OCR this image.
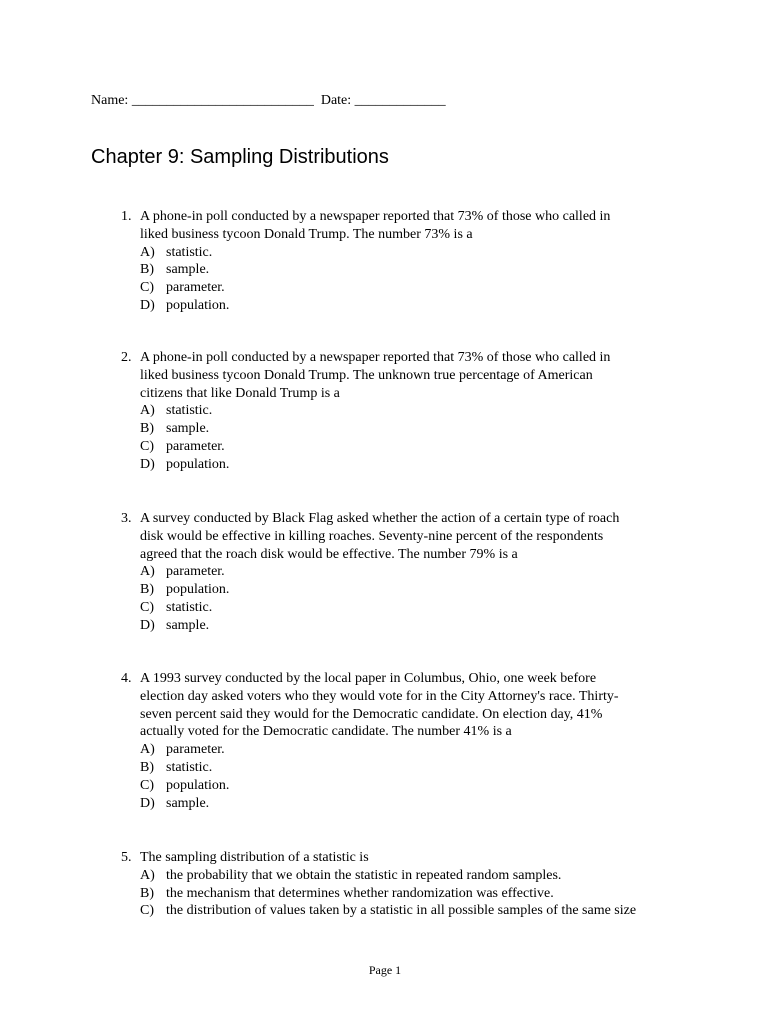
Name: __________________________ Date: _____________
Chapter 9: Sampling Distributions
1. A phone-in poll conducted by a newspaper reported that 73% of those who called in
liked business tycoon Donald Trump. The number 73% is a
A) statistic.
B) sample.
C) parameter.
D) population.
2. A phone-in poll conducted by a newspaper reported that 73% of those who called in
liked business tycoon Donald Trump. The unknown true percentage of American
citizens that like Donald Trump is a
A) statistic.
B) sample.
C) parameter.
D) population.
3. A survey conducted by Black Flag asked whether the action of a certain type of roach
disk would be effective in killing roaches. Seventy-nine percent of the respondents
agreed that the roach disk would be effective. The number 79% is a
A) parameter.
B) population.
C) statistic.
D) sample.
4. A 1993 survey conducted by the local paper in Columbus, Ohio, one week before
election day asked voters who they would vote for in the City Attorney's race. Thirty-
seven percent said they would for the Democratic candidate. On election day, 41%
actually voted for the Democratic candidate. The number 41% is a
A) parameter.
B) statistic.
C) population.
D) sample.
5. The sampling distribution of a statistic is
A) the probability that we obtain the statistic in repeated random samples.
B) the mechanism that determines whether randomization was effective.
C) the distribution of values taken by a statistic in all possible samples of the same size
Page 1
